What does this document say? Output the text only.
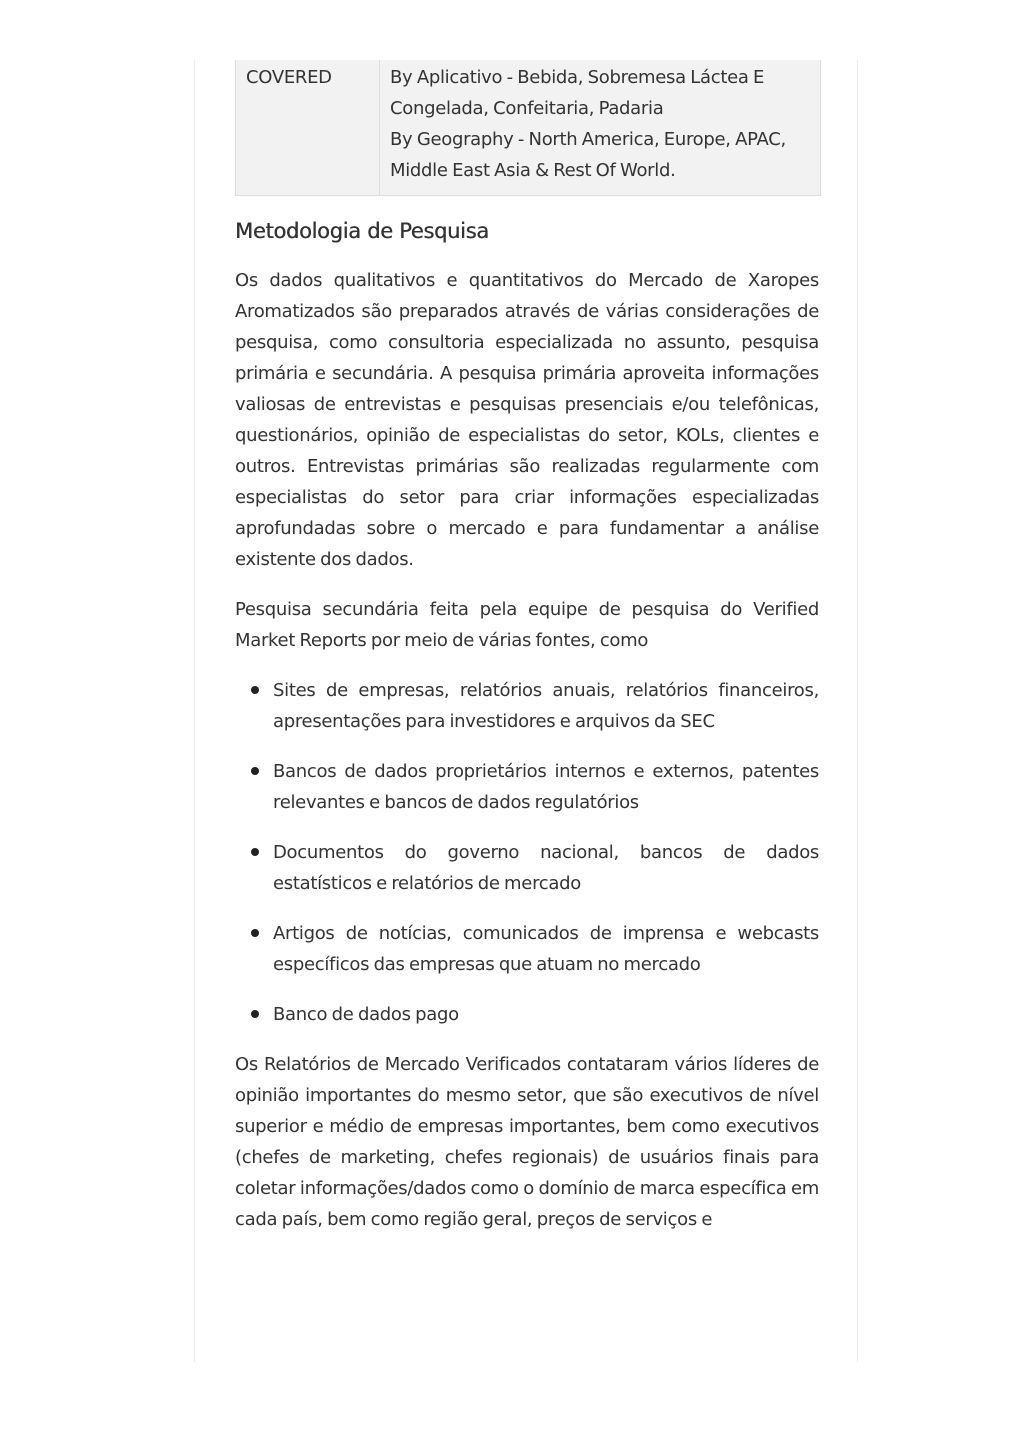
COVERED	By Aplicativo - Bebida, Sobremesa Láctea E Congelada, Confeitaria, Padaria
By Geography - North America, Europe, APAC, Middle East Asia & Rest Of World.
Metodologia de Pesquisa

Os dados qualitativos e quantitativos do Mercado de Xaropes Aromatizados são preparados através de várias considerações de pesquisa, como consultoria especializada no assunto, pesquisa primária e secundária. A pesquisa primária aproveita informações valiosas de entrevistas e pesquisas presenciais e/ou telefônicas, questionários, opinião de especialistas do setor, KOLs, clientes e outros. Entrevistas primárias são realizadas regularmente com especialistas do setor para criar informações especializadas aprofundadas sobre o mercado e para fundamentar a análise existente dos dados.

Pesquisa secundária feita pela equipe de pesquisa do Verified Market Reports por meio de várias fontes, como

Sites de empresas, relatórios anuais, relatórios financeiros, apresentações para investidores e arquivos da SEC
Bancos de dados proprietários internos e externos, patentes relevantes e bancos de dados regulatórios
Documentos do governo nacional, bancos de dados estatísticos e relatórios de mercado
Artigos de notícias, comunicados de imprensa e webcasts específicos das empresas que atuam no mercado
Banco de dados pago

Os Relatórios de Mercado Verificados contataram vários líderes de opinião importantes do mesmo setor, que são executivos de nível superior e médio de empresas importantes, bem como executivos (chefes de marketing, chefes regionais) de usuários finais para coletar informações/dados como o domínio de marca específica em cada país, bem como região geral, preços de serviços e
